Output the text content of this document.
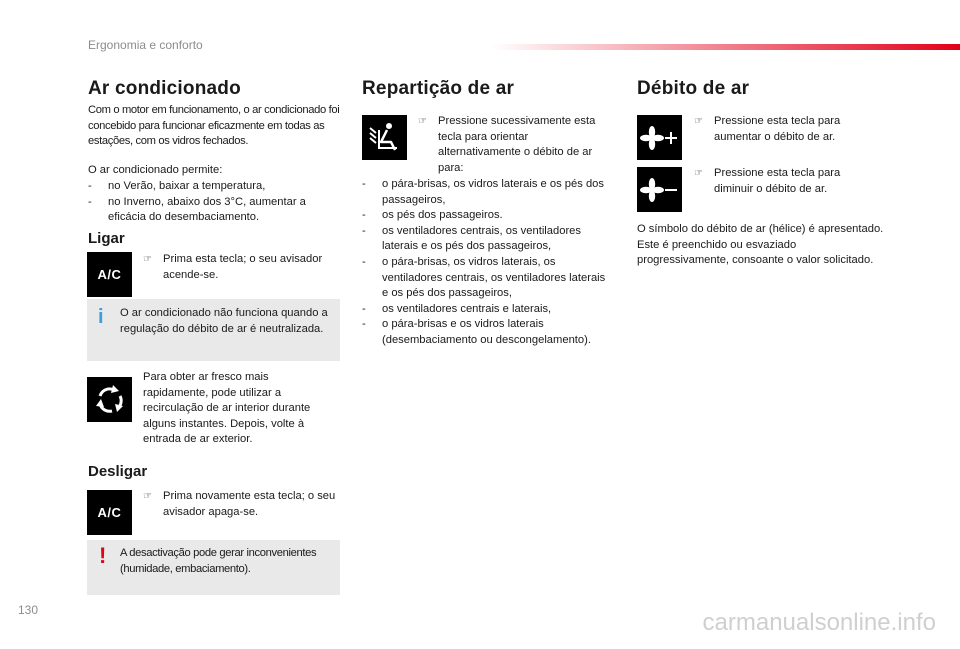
Ergonomia e conforto
Ar condicionado
Com o motor em funcionamento, o ar condicionado foi concebido para funcionar eficazmente em todas as estações, com os vidros fechados.
O ar condicionado permite:
- no Verão, baixar a temperatura,
- no Inverno, abaixo dos 3°C, aumentar a eficácia do desembaciamento.
Ligar
A/C
☞ Prima esta tecla; o seu avisador acende-se.
i O ar condicionado não funciona quando a regulação do débito de ar é neutralizada.
Para obter ar fresco mais rapidamente, pode utilizar a recirculação de ar interior durante alguns instantes. Depois, volte à entrada de ar exterior.
Desligar
A/C
☞ Prima novamente esta tecla; o seu avisador apaga-se.
! A desactivação pode gerar inconvenientes (humidade, embaciamento).
Repartição de ar
☞ Pressione sucessivamente esta tecla para orientar alternativamente o débito de ar para:
- o pára-brisas, os vidros laterais e os pés dos passageiros,
- os pés dos passageiros.
- os ventiladores centrais, os ventiladores laterais e os pés dos passageiros,
- o pára-brisas, os vidros laterais, os ventiladores centrais, os ventiladores laterais e os pés dos passageiros,
- os ventiladores centrais e laterais,
- o pára-brisas e os vidros laterais (desembaciamento ou descongelamento).
Débito de ar
☞ Pressione esta tecla para aumentar o débito de ar.
☞ Pressione esta tecla para diminuir o débito de ar.
O símbolo do débito de ar (hélice) é apresentado. Este é preenchido ou esvaziado progressivamente, consoante o valor solicitado.
130	carmanualsonline.info
